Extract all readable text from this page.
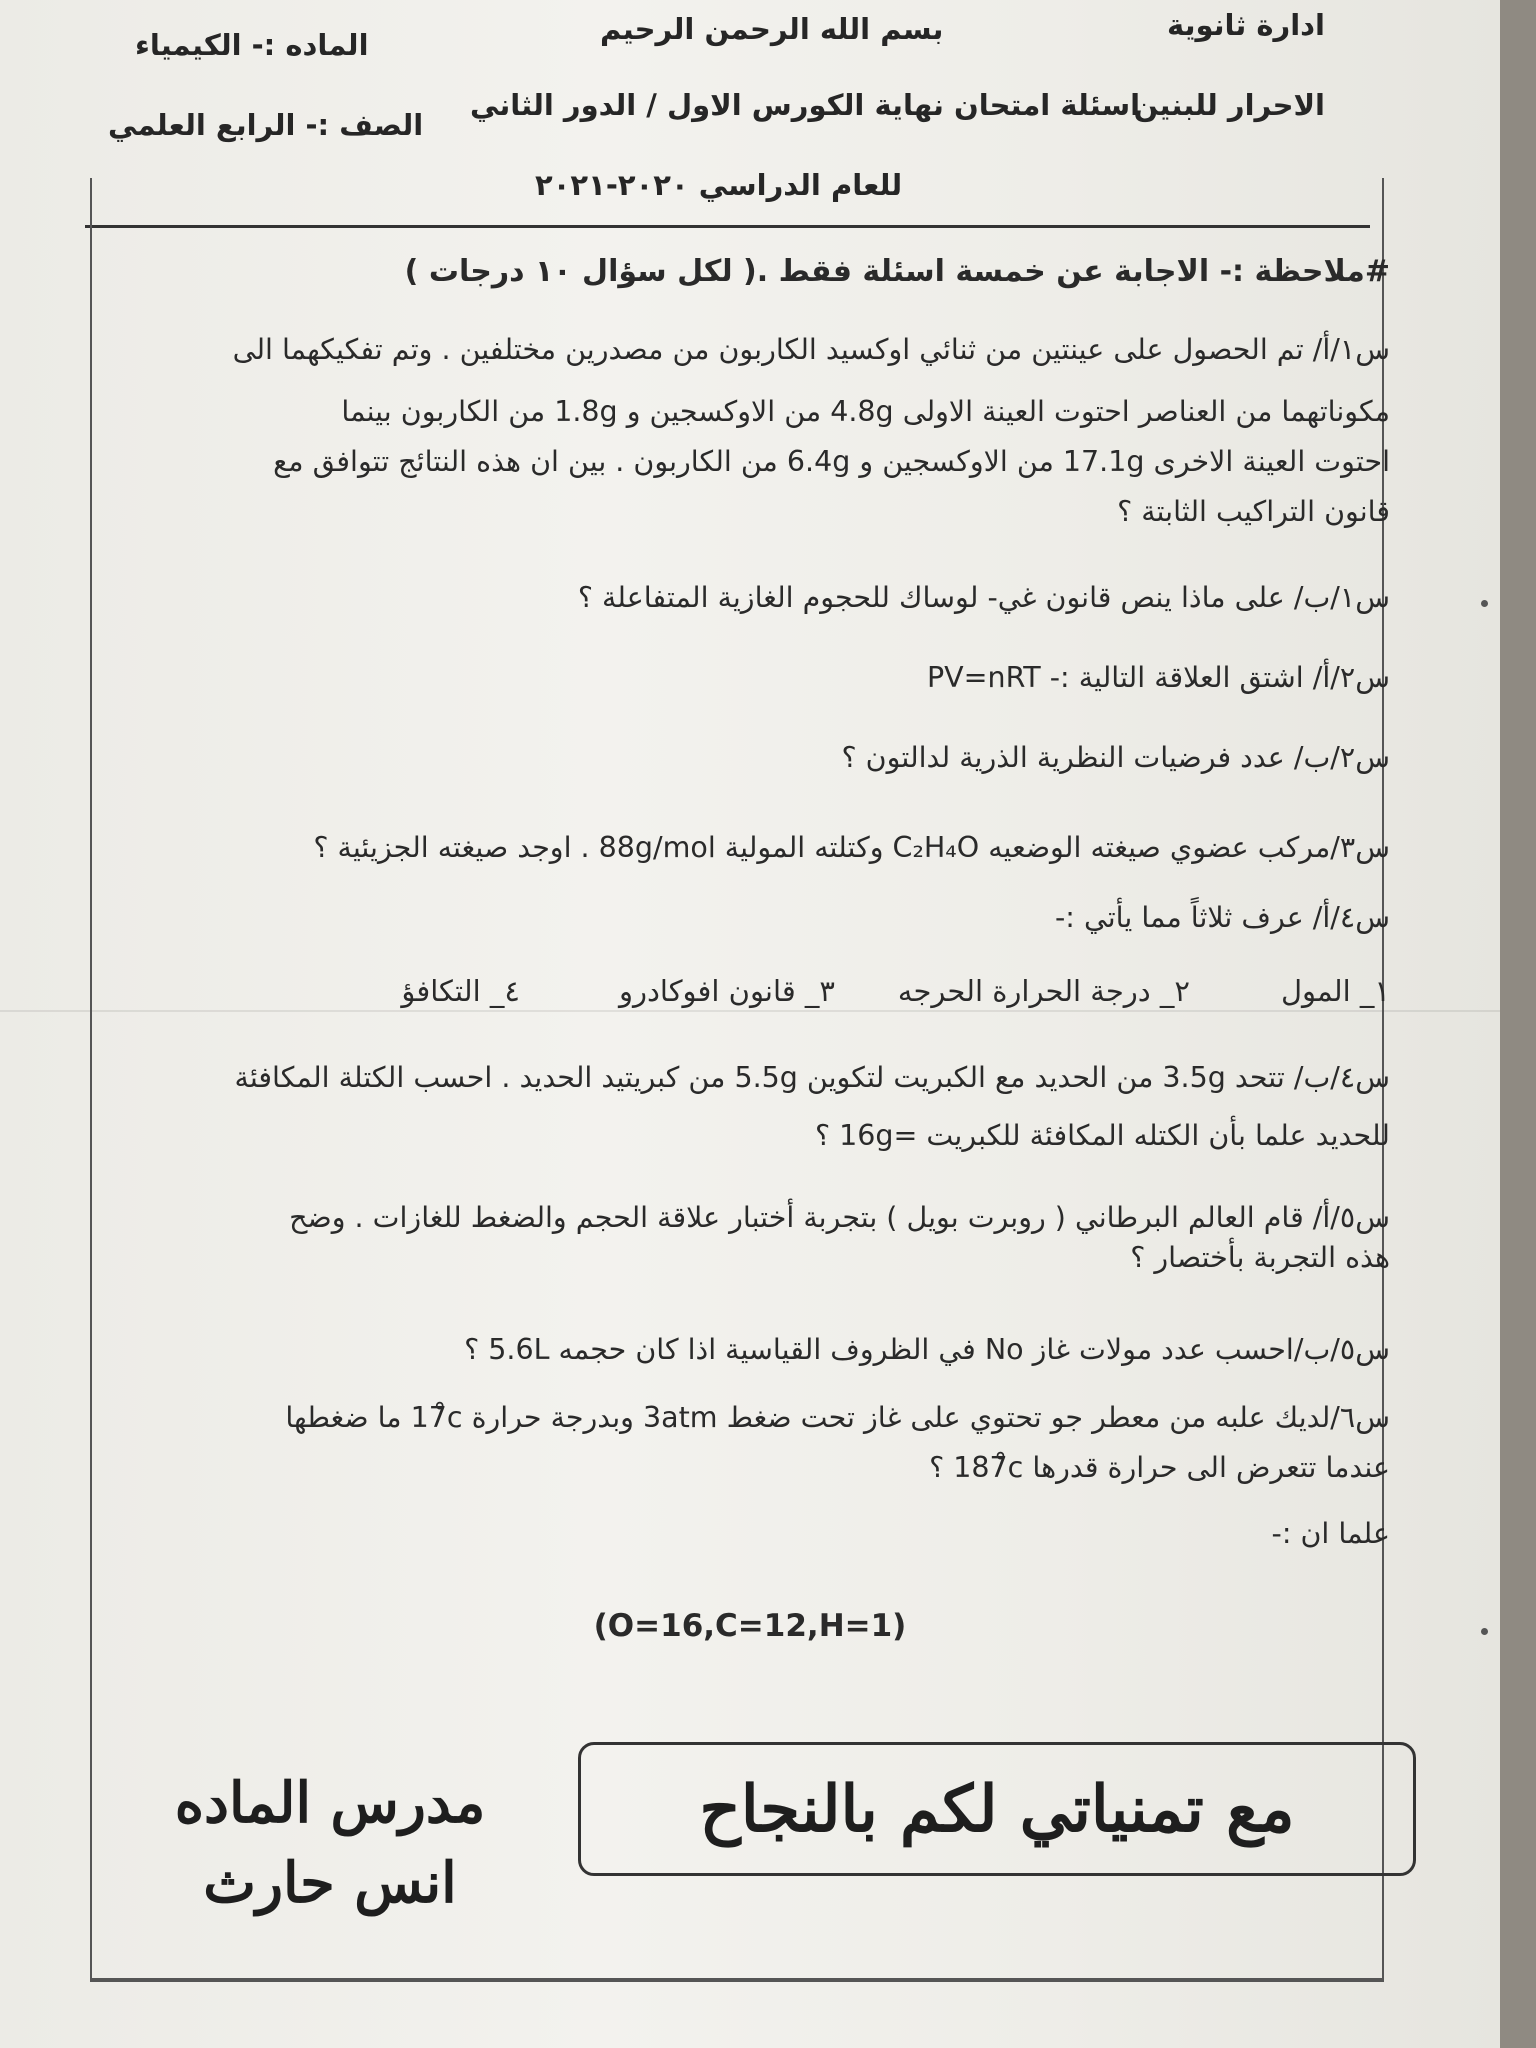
ادارة ثانوية
الاحرار للبنين
بسم الله الرحمن الرحيم
اسئلة امتحان نهاية الكورس الاول / الدور الثاني
للعام الدراسي ٢٠٢٠-٢٠٢١
الماده :- الكيمياء
الصف :- الرابع العلمي
#ملاحظة :- الاجابة عن خمسة اسئلة فقط .( لكل سؤال ١٠ درجات )
س١/أ/ تم الحصول على عينتين من ثنائي اوكسيد الكاربون من مصدرين مختلفين . وتم تفكيكهما الى
مكوناتهما من العناصر احتوت العينة الاولى 4.8g من الاوكسجين و 1.8g من الكاربون بينما
احتوت العينة الاخرى 17.1g من الاوكسجين و 6.4g من الكاربون . بين ان هذه النتائج تتوافق مع
قانون التراكيب الثابتة ؟
س١/ب/ على ماذا ينص قانون غي- لوساك للحجوم الغازية المتفاعلة ؟
س٢/أ/ اشتق العلاقة التالية :- PV=nRT
س٢/ب/ عدد فرضيات النظرية الذرية لدالتون ؟
س٣/مركب عضوي صيغته الوضعيه C₂H₄O وكتلته المولية 88g/mol . اوجد صيغته الجزيئية ؟
س٤/أ/ عرف ثلاثاً مما يأتي :-
١_ المول
٢_ درجة الحرارة الحرجه
٣_ قانون افوكادرو
٤_ التكافؤ
س٤/ب/ تتحد 3.5g من الحديد مع الكبريت لتكوين 5.5g من كبريتيد الحديد . احسب الكتلة المكافئة
للحديد علما بأن الكتله المكافئة للكبريت =16g ؟
س٥/أ/ قام العالم البرطاني ( روبرت بويل ) بتجربة أختبار علاقة الحجم والضغط للغازات . وضح
هذه التجربة بأختصار ؟
س٥/ب/احسب عدد مولات غاز No في الظروف القياسية اذا كان حجمه 5.6L ؟
س٦/لديك علبه من معطر جو تحتوي على غاز تحت ضغط 3atm وبدرجة حرارة 17̊c ما ضغطها
عندما تتعرض الى حرارة قدرها 187̊c ؟
علما ان :-
(O=16,C=12,H=1)
مع تمنياتي لكم بالنجاح
مدرس الماده
انس حارث
